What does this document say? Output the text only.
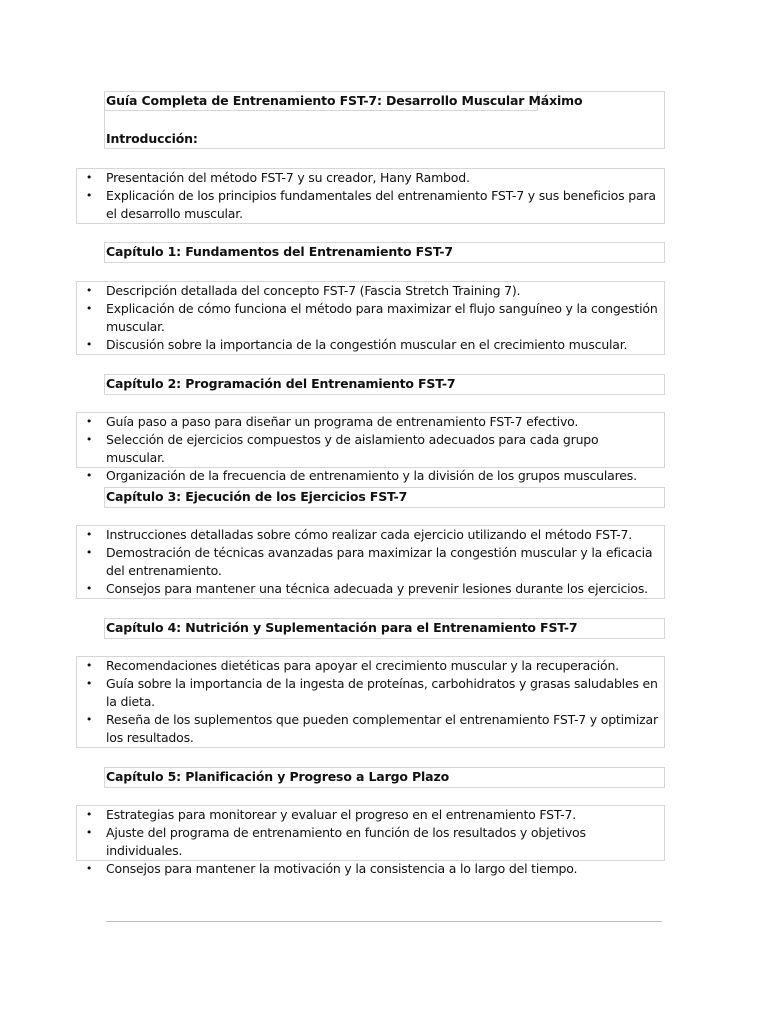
Guía Completa de Entrenamiento FST-7: Desarrollo Muscular Máximo
Introducción:
• Presentación del método FST-7 y su creador, Hany Rambod.
• Explicación de los principios fundamentales del entrenamiento FST-7 y sus beneficios para el desarrollo muscular.
Capítulo 1: Fundamentos del Entrenamiento FST-7
• Descripción detallada del concepto FST-7 (Fascia Stretch Training 7).
• Explicación de cómo funciona el método para maximizar el flujo sanguíneo y la congestión muscular.
• Discusión sobre la importancia de la congestión muscular en el crecimiento muscular.
Capítulo 2: Programación del Entrenamiento FST-7
• Guía paso a paso para diseñar un programa de entrenamiento FST-7 efectivo.
• Selección de ejercicios compuestos y de aislamiento adecuados para cada grupo muscular.
• Organización de la frecuencia de entrenamiento y la división de los grupos musculares.
Capítulo 3: Ejecución de los Ejercicios FST-7
• Instrucciones detalladas sobre cómo realizar cada ejercicio utilizando el método FST-7.
• Demostración de técnicas avanzadas para maximizar la congestión muscular y la eficacia del entrenamiento.
• Consejos para mantener una técnica adecuada y prevenir lesiones durante los ejercicios.
Capítulo 4: Nutrición y Suplementación para el Entrenamiento FST-7
• Recomendaciones dietéticas para apoyar el crecimiento muscular y la recuperación.
• Guía sobre la importancia de la ingesta de proteínas, carbohidratos y grasas saludables en la dieta.
• Reseña de los suplementos que pueden complementar el entrenamiento FST-7 y optimizar los resultados.
Capítulo 5: Planificación y Progreso a Largo Plazo
• Estrategias para monitorear y evaluar el progreso en el entrenamiento FST-7.
• Ajuste del programa de entrenamiento en función de los resultados y objetivos individuales.
• Consejos para mantener la motivación y la consistencia a lo largo del tiempo.
